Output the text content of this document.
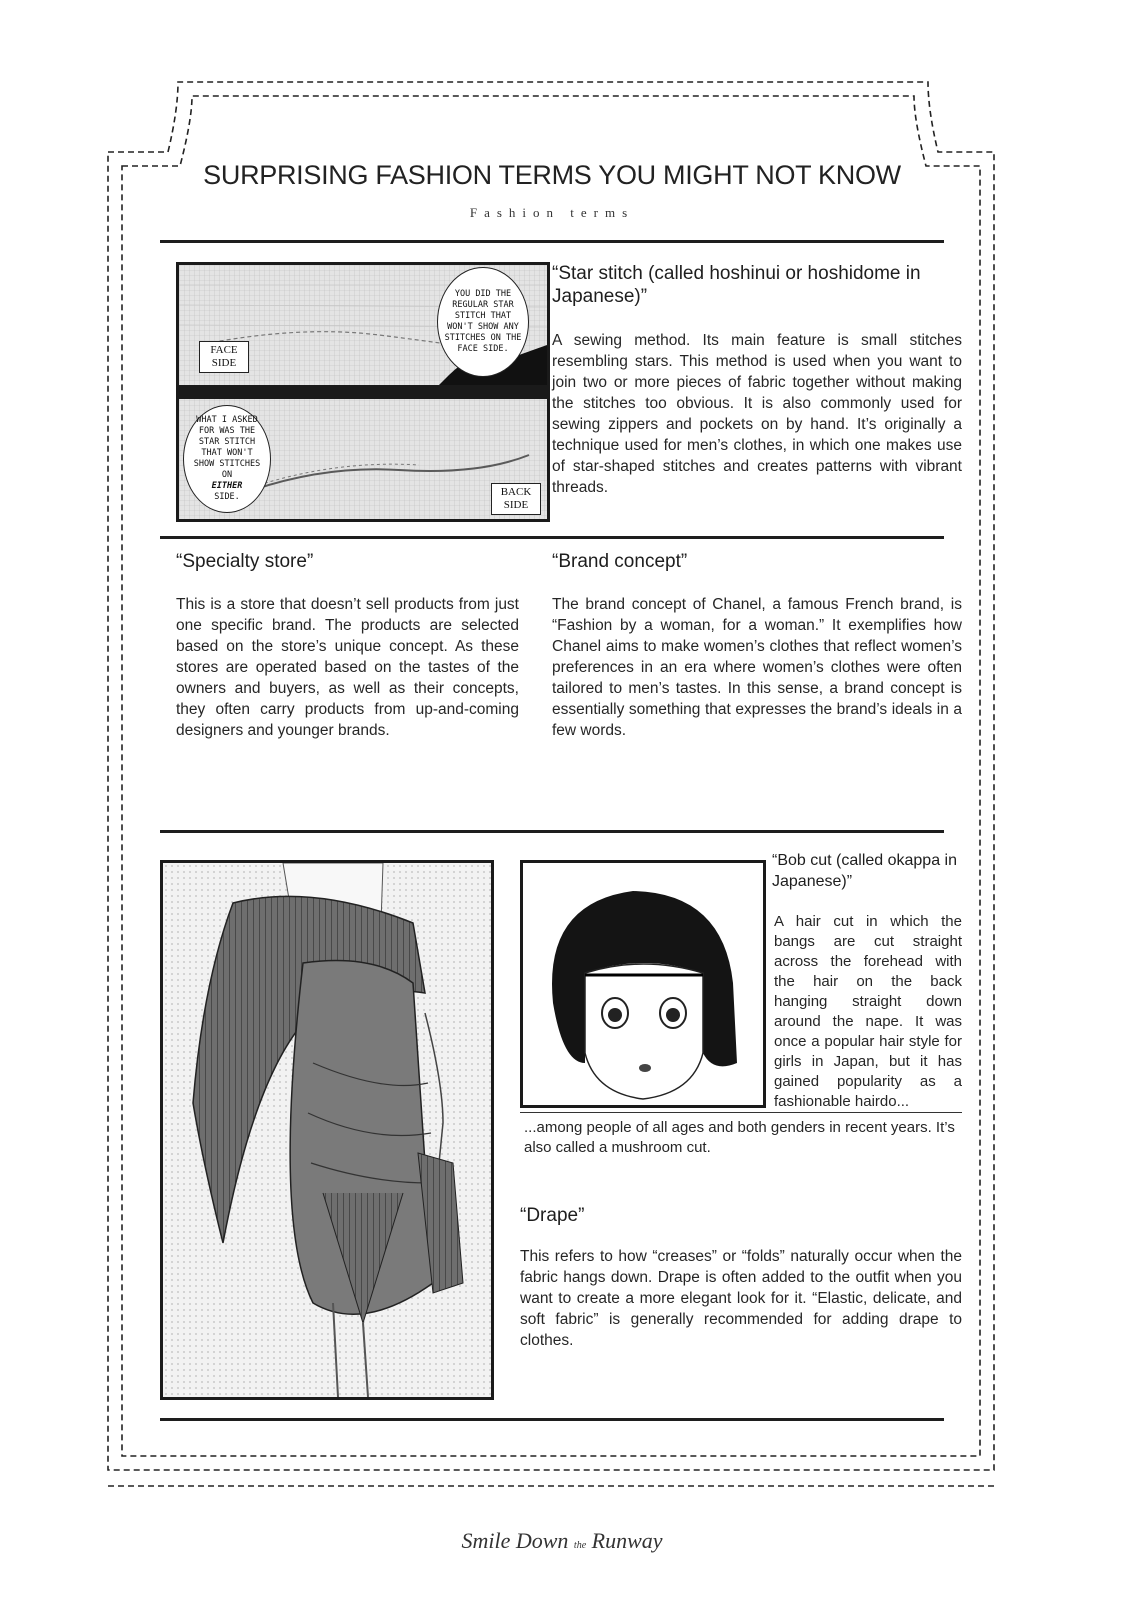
SURPRISING FASHION TERMS YOU MIGHT NOT KNOW
Fashion terms
YOU DID THE REGULAR STAR STITCH THAT WON'T SHOW ANY STITCHES ON THE FACE SIDE.
WHAT I ASKED FOR WAS THE STAR STITCH THAT WON'T SHOW STITCHES ON
EITHER
SIDE.
FACE SIDE
BACK SIDE
“Star stitch (called hoshinui or hoshidome in Japanese)”
A sewing method. Its main feature is small stitches resembling stars. This method is used when you want to join two or more pieces of fabric together without making the stitches too obvious. It is also commonly used for sewing zippers and pockets on by hand. It’s originally a technique used for men’s clothes, in which one makes use of star-shaped stitches and creates patterns with vibrant threads.
“Specialty store”
This is a store that doesn’t sell products from just one specific brand. The products are selected based on the store’s unique concept. As these stores are operated based on the tastes of the owners and buyers, as well as their concepts, they often carry products from up-and-coming designers and younger brands.
“Brand concept”
The brand concept of Chanel, a famous French brand, is “Fashion by a woman, for a woman.” It exemplifies how Chanel aims to make women’s clothes that reflect women’s preferences in an era where women’s clothes were often tailored to men’s tastes. In this sense, a brand concept is essentially something that expresses the brand’s ideals in a few words.
“Bob cut (called okappa in Japanese)”
A hair cut in which the bangs are cut straight across the forehead with the hair on the back hanging straight down around the nape. It was once a popular hair style for girls in Japan, but it has gained popularity as a fashionable hairdo...
...among people of all ages and both genders in recent years. It’s also called a mushroom cut.
“Drape”
This refers to how “creases” or “folds” naturally occur when the fabric hangs down. Drape is often added to the outfit when you want to create a more elegant look for it. “Elastic, delicate, and soft fabric” is generally recommended for adding drape to clothes.
Smile Down the Runway
